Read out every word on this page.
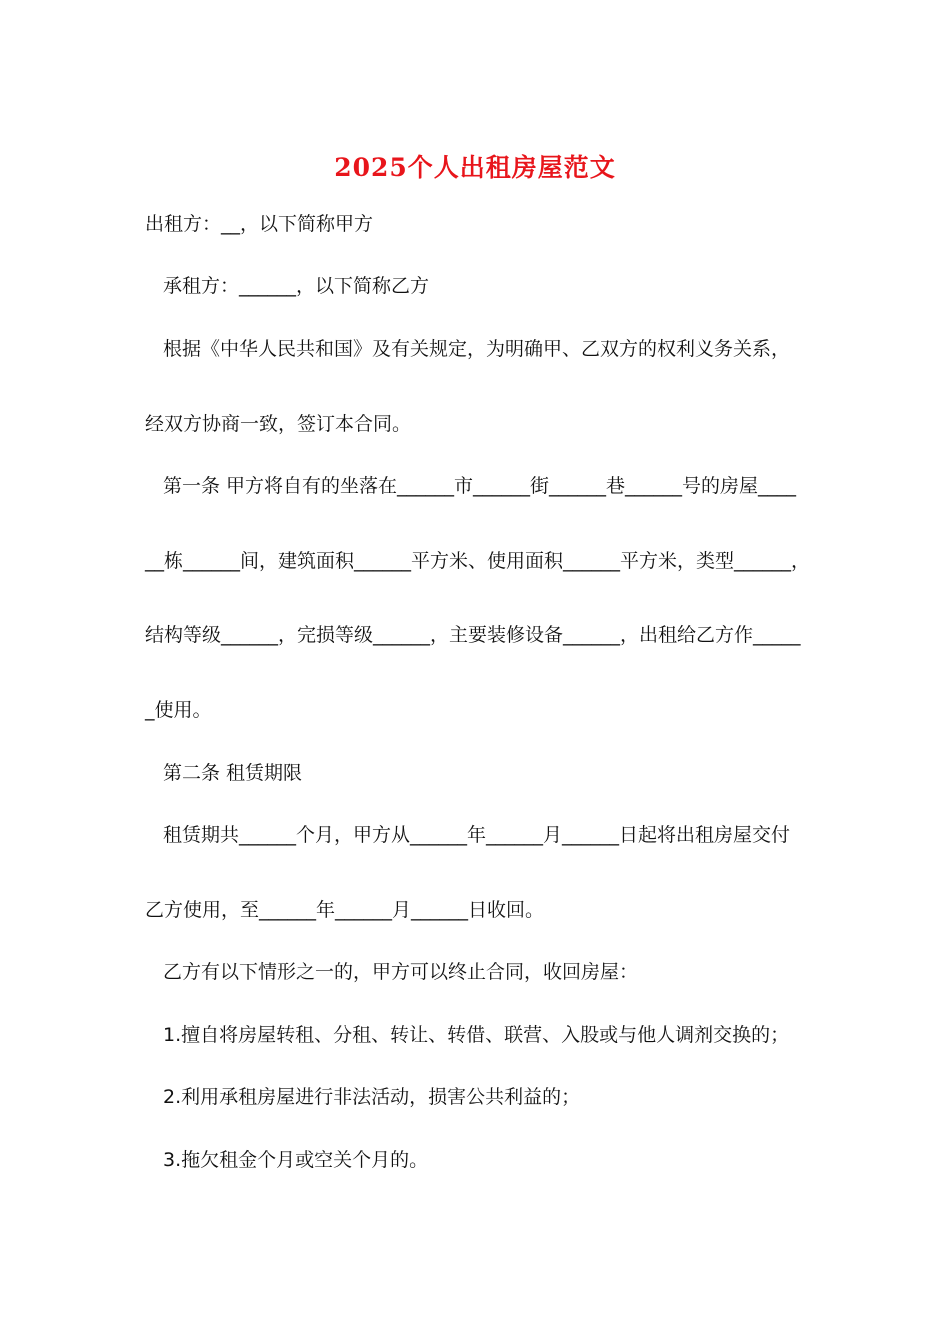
2025个人出租房屋范文
出租方：__，以下简称甲方
承租方：______，以下简称乙方
根据《中华人民共和国》及有关规定，为明确甲、乙双方的权利义务关系，
经双方协商一致，签订本合同。
第一条 甲方将自有的坐落在______市______街______巷______号的房屋____
__栋______间，建筑面积______平方米、使用面积______平方米，类型______，
结构等级______，完损等级______，主要装修设备______，出租给乙方作_____
_使用。
第二条 租赁期限
租赁期共______个月，甲方从______年______月______日起将出租房屋交付
乙方使用，至______年______月______日收回。
乙方有以下情形之一的，甲方可以终止合同，收回房屋：
1.擅自将房屋转租、分租、转让、转借、联营、入股或与他人调剂交换的；
2.利用承租房屋进行非法活动，损害公共利益的；
3.拖欠租金个月或空关个月的。
